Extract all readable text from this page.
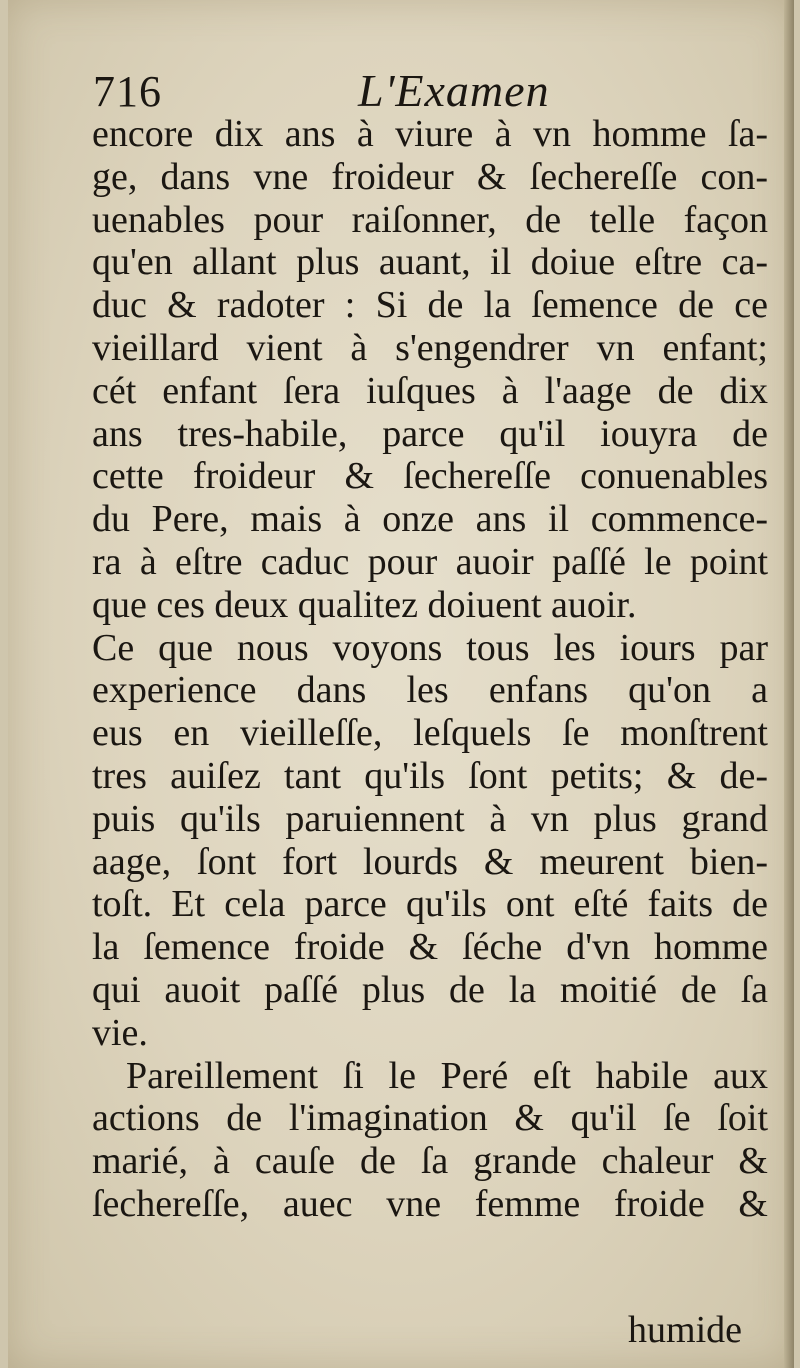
716	L'Examen
encore dix ans à viure à vn homme ſa-
ge, dans vne froideur & ſechereſſe con-
uenables pour raiſonner, de telle façon
qu'en allant plus auant, il doiue eſtre ca-
duc & radoter : Si de la ſemence de ce
vieillard vient à s'engendrer vn enfant;
cét enfant ſera iuſques à l'aage de dix
ans tres-habile, parce qu'il iouyra de
cette froideur & ſechereſſe conuenables
du Pere, mais à onze ans il commence-
ra à eſtre caduc pour auoir paſſé le point
que ces deux qualitez doiuent auoir.
Ce que nous voyons tous les iours par
experience dans les enfans qu'on a
eus en vieilleſſe, leſquels ſe monſtrent
tres auiſez tant qu'ils ſont petits; & de-
puis qu'ils paruiennent à vn plus grand
aage, ſont fort lourds & meurent bien-
toſt. Et cela parce qu'ils ont eſté faits de
la ſemence froide & ſéche d'vn homme
qui auoit paſſé plus de la moitié de ſa
vie.
Pareillement ſi le Peré eſt habile aux
actions de l'imagination & qu'il ſe ſoit
marié, à cauſe de ſa grande chaleur &
ſechereſſe, auec vne femme froide &
humide
